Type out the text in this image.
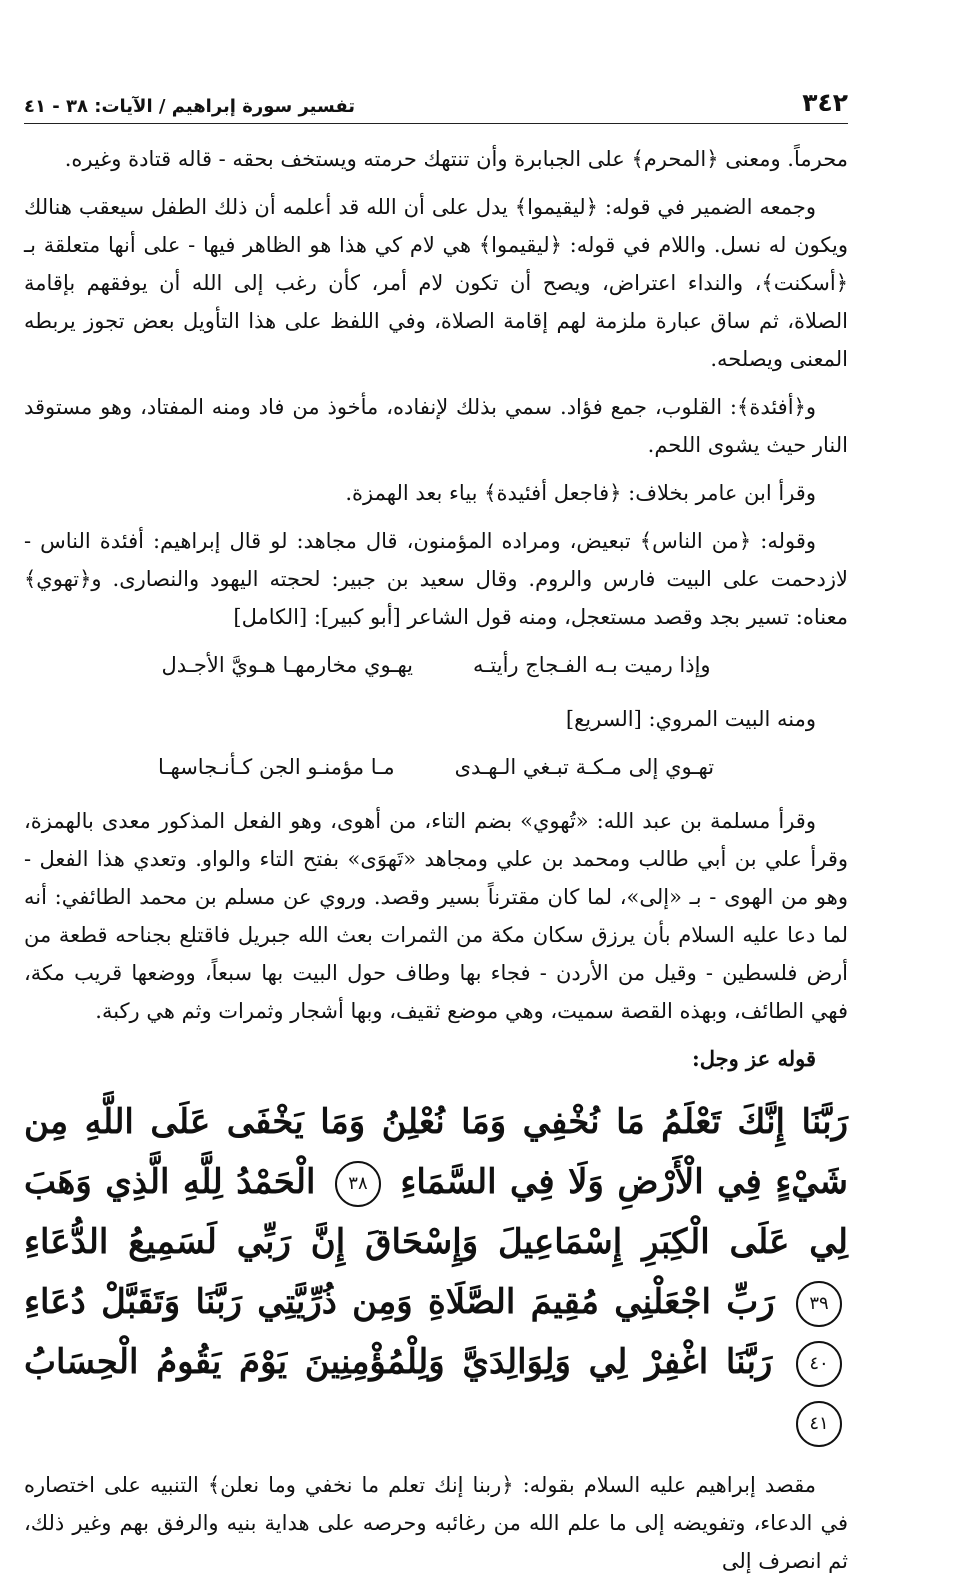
٣٤٢
تفسير سورة إبراهيم / الآيات: ٣٨ - ٤١

محرماً. ومعنى ﴿المحرم﴾ على الجبابرة وأن تنتهك حرمته ويستخف بحقه - قاله قتادة وغيره.

وجمعه الضمير في قوله: ﴿ليقيموا﴾ يدل على أن الله قد أعلمه أن ذلك الطفل سيعقب هنالك ويكون له نسل. واللام في قوله: ﴿ليقيموا﴾ هي لام كي هذا هو الظاهر فيها - على أنها متعلقة بـ ﴿أسكنت﴾، والنداء اعتراض، ويصح أن تكون لام أمر، كأن رغب إلى الله أن يوفقهم بإقامة الصلاة، ثم ساق عبارة ملزمة لهم إقامة الصلاة، وفي اللفظ على هذا التأويل بعض تجوز يربطه المعنى ويصلحه.

و﴿أفئدة﴾: القلوب، جمع فؤاد. سمي بذلك لإنفاده، مأخوذ من فاد ومنه المفتاد، وهو مستوقد النار حيث يشوى اللحم.

وقرأ ابن عامر بخلاف: ﴿فاجعل أفئيدة﴾ بياء بعد الهمزة.

وقوله: ﴿من الناس﴾ تبعيض، ومراده المؤمنون، قال مجاهد: لو قال إبراهيم: أفئدة الناس - لازدحمت على البيت فارس والروم. وقال سعيد بن جبير: لحجته اليهود والنصارى. و﴿تهوي﴾ معناه: تسير بجد وقصد مستعجل، ومنه قول الشاعر [أبو كبير]: [الكامل]

وإذا رميت بـه الفـجاج رأيتـه
يهـوي مخارمهـا هـويَّ الأجـدل

ومنه البيت المروي: [السريع]

تهـوي إلى مـكـة تبـغي الـهـدى
مـا مؤمنـو الجن كـأنـجاسهـا

وقرأ مسلمة بن عبد الله: «تُهوي» بضم التاء، من أهوى، وهو الفعل المذكور معدى بالهمزة، وقرأ علي بن أبي طالب ومحمد بن علي ومجاهد «تَهوَى» بفتح التاء والواو. وتعدي هذا الفعل - وهو من الهوى - بـ «إلى»، لما كان مقترناً بسير وقصد. وروي عن مسلم بن محمد الطائفي: أنه لما دعا عليه السلام بأن يرزق سكان مكة من الثمرات بعث الله جبريل فاقتلع بجناحه قطعة من أرض فلسطين - وقيل من الأردن - فجاء بها وطاف حول البيت بها سبعاً، ووضعها قريب مكة، فهي الطائف، وبهذه القصة سميت، وهي موضع ثقيف، وبها أشجار وثمرات وثم هي ركبة.

قوله عز وجل:

رَبَّنَا إِنَّكَ تَعْلَمُ مَا نُخْفِي وَمَا نُعْلِنُ وَمَا يَخْفَى عَلَى اللَّهِ مِن شَيْءٍ فِي الْأَرْضِ وَلَا فِي السَّمَاءِ ٣٨ الْحَمْدُ لِلَّهِ الَّذِي وَهَبَ لِي عَلَى الْكِبَرِ إِسْمَاعِيلَ وَإِسْحَاقَ إِنَّ رَبِّي لَسَمِيعُ الدُّعَاءِ ٣٩ رَبِّ اجْعَلْنِي مُقِيمَ الصَّلَاةِ وَمِن ذُرِّيَّتِي رَبَّنَا وَتَقَبَّلْ دُعَاءِ ٤٠ رَبَّنَا اغْفِرْ لِي وَلِوَالِدَيَّ وَلِلْمُؤْمِنِينَ يَوْمَ يَقُومُ الْحِسَابُ ٤١

مقصد إبراهيم عليه السلام بقوله: ﴿ربنا إنك تعلم ما نخفي وما نعلن﴾ التنبيه على اختصاره في الدعاء، وتفويضه إلى ما علم الله من رغائبه وحرصه على هداية بنيه والرفق بهم وغير ذلك، ثم انصرف إلى
